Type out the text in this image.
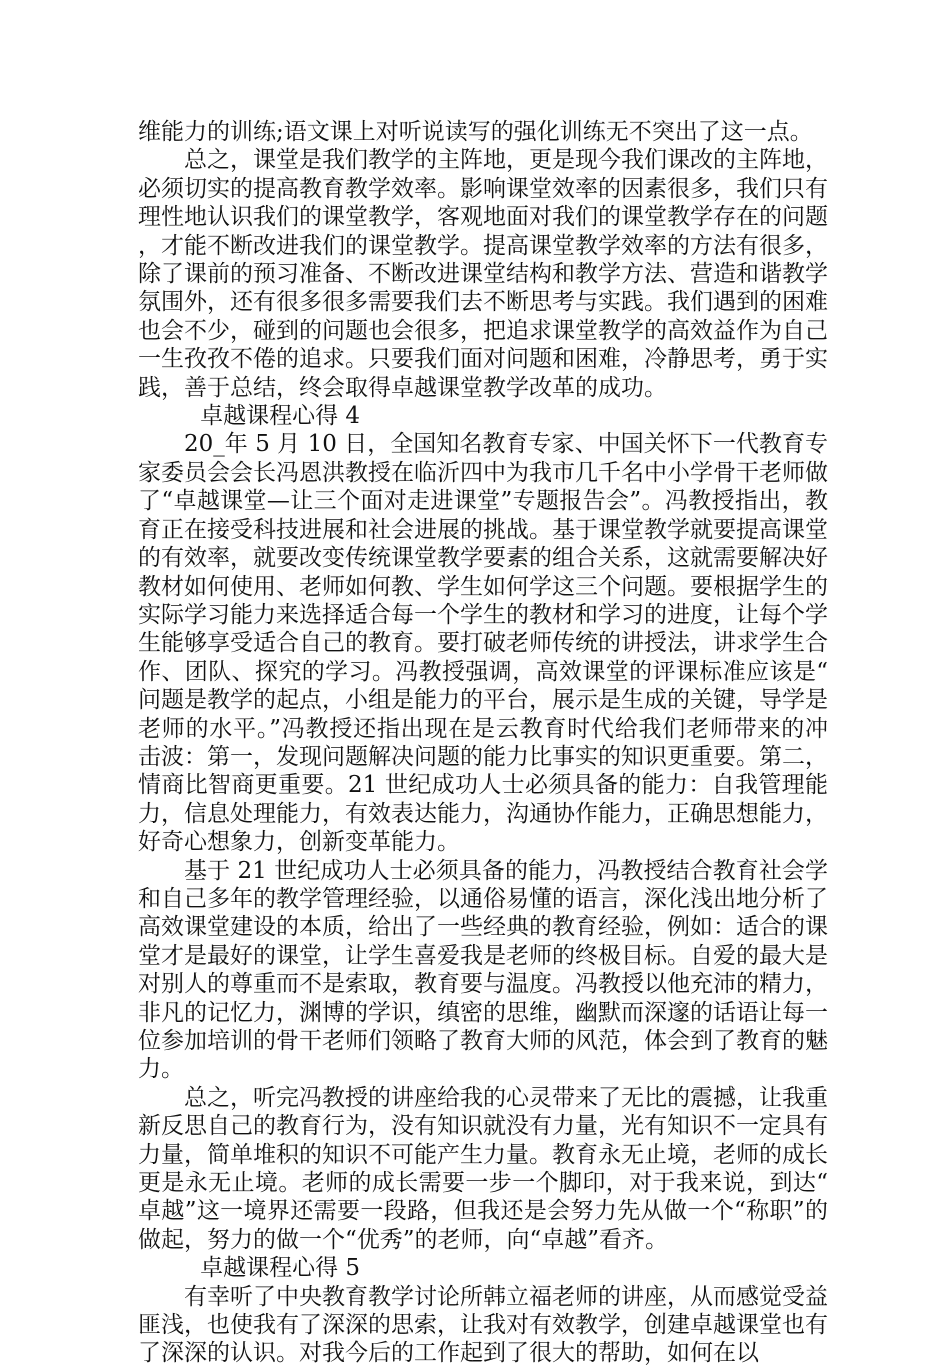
维能力的训练;语文课上对听说读写的强化训练无不突出了这一点。

总之，课堂是我们教学的主阵地，更是现今我们课改的主阵地，必须切实的提高教育教学效率。影响课堂效率的因素很多，我们只有理性地认识我们的课堂教学，客观地面对我们的课堂教学存在的问题，才能不断改进我们的课堂教学。提高课堂教学效率的方法有很多，除了课前的预习准备、不断改进课堂结构和教学方法、营造和谐教学氛围外，还有很多很多需要我们去不断思考与实践。我们遇到的困难也会不少，碰到的问题也会很多，把追求课堂教学的高效益作为自己一生孜孜不倦的追求。只要我们面对问题和困难，冷静思考，勇于实践，善于总结，终会取得卓越课堂教学改革的成功。

卓越课程心得 4

20_年 5 月 10 日，全国知名教育专家、中国关怀下一代教育专家委员会会长冯恩洪教授在临沂四中为我市几千名中小学骨干老师做了“卓越课堂—让三个面对走进课堂”专题报告会”。冯教授指出，教育正在接受科技进展和社会进展的挑战。基于课堂教学就要提高课堂的有效率，就要改变传统课堂教学要素的组合关系，这就需要解决好教材如何使用、老师如何教、学生如何学这三个问题。要根据学生的实际学习能力来选择适合每一个学生的教材和学习的进度，让每个学生能够享受适合自己的教育。要打破老师传统的讲授法，讲求学生合作、团队、探究的学习。冯教授强调，高效课堂的评课标准应该是“问题是教学的起点，小组是能力的平台，展示是生成的关键，导学是老师的水平。”冯教授还指出现在是云教育时代给我们老师带来的冲击波：第一，发现问题解决问题的能力比事实的知识更重要。第二，情商比智商更重要。21 世纪成功人士必须具备的能力：自我管理能力，信息处理能力，有效表达能力，沟通协作能力，正确思想能力，好奇心想象力，创新变革能力。

基于 21 世纪成功人士必须具备的能力，冯教授结合教育社会学和自己多年的教学管理经验，以通俗易懂的语言，深化浅出地分析了高效课堂建设的本质，给出了一些经典的教育经验，例如：适合的课堂才是最好的课堂，让学生喜爱我是老师的终极目标。自爱的最大是对别人的尊重而不是索取，教育要与温度。冯教授以他充沛的精力，非凡的记忆力，渊博的学识，缜密的思维，幽默而深邃的话语让每一位参加培训的骨干老师们领略了教育大师的风范，体会到了教育的魅力。

总之，听完冯教授的讲座给我的心灵带来了无比的震撼，让我重新反思自己的教育行为，没有知识就没有力量，光有知识不一定具有力量，简单堆积的知识不可能产生力量。教育永无止境，老师的成长更是永无止境。老师的成长需要一步一个脚印，对于我来说，到达“卓越”这一境界还需要一段路，但我还是会努力先从做一个“称职”的做起，努力的做一个“优秀”的老师，向“卓越”看齐。

卓越课程心得 5

有幸听了中央教育教学讨论所韩立福老师的讲座，从而感觉受益匪浅，也使我有了深深的思索，让我对有效教学，创建卓越课堂也有了深深的认识。对我今后的工作起到了很大的帮助，如何在以
